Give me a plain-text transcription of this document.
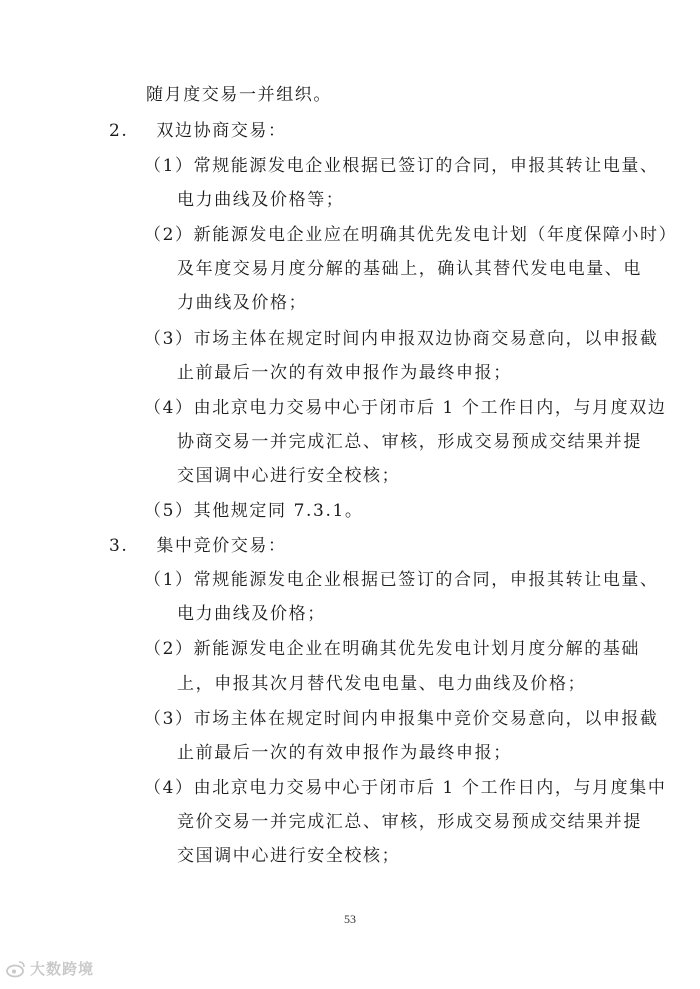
随月度交易一并组织。
2.    双边协商交易：
（1）常规能源发电企业根据已签订的合同，申报其转让电量、
电力曲线及价格等；
（2）新能源发电企业应在明确其优先发电计划（年度保障小时）
及年度交易月度分解的基础上，确认其替代发电电量、电
力曲线及价格；
（3）市场主体在规定时间内申报双边协商交易意向，以申报截
止前最后一次的有效申报作为最终申报；
（4）由北京电力交易中心于闭市后 1 个工作日内，与月度双边
协商交易一并完成汇总、审核，形成交易预成交结果并提
交国调中心进行安全校核；
（5）其他规定同 7.3.1。
3.    集中竞价交易：
（1）常规能源发电企业根据已签订的合同，申报其转让电量、
电力曲线及价格；
（2）新能源发电企业在明确其优先发电计划月度分解的基础
上，申报其次月替代发电电量、电力曲线及价格；
（3）市场主体在规定时间内申报集中竞价交易意向，以申报截
止前最后一次的有效申报作为最终申报；
（4）由北京电力交易中心于闭市后 1 个工作日内，与月度集中
竞价交易一并完成汇总、审核，形成交易预成交结果并提
交国调中心进行安全校核；
53
大数跨境
